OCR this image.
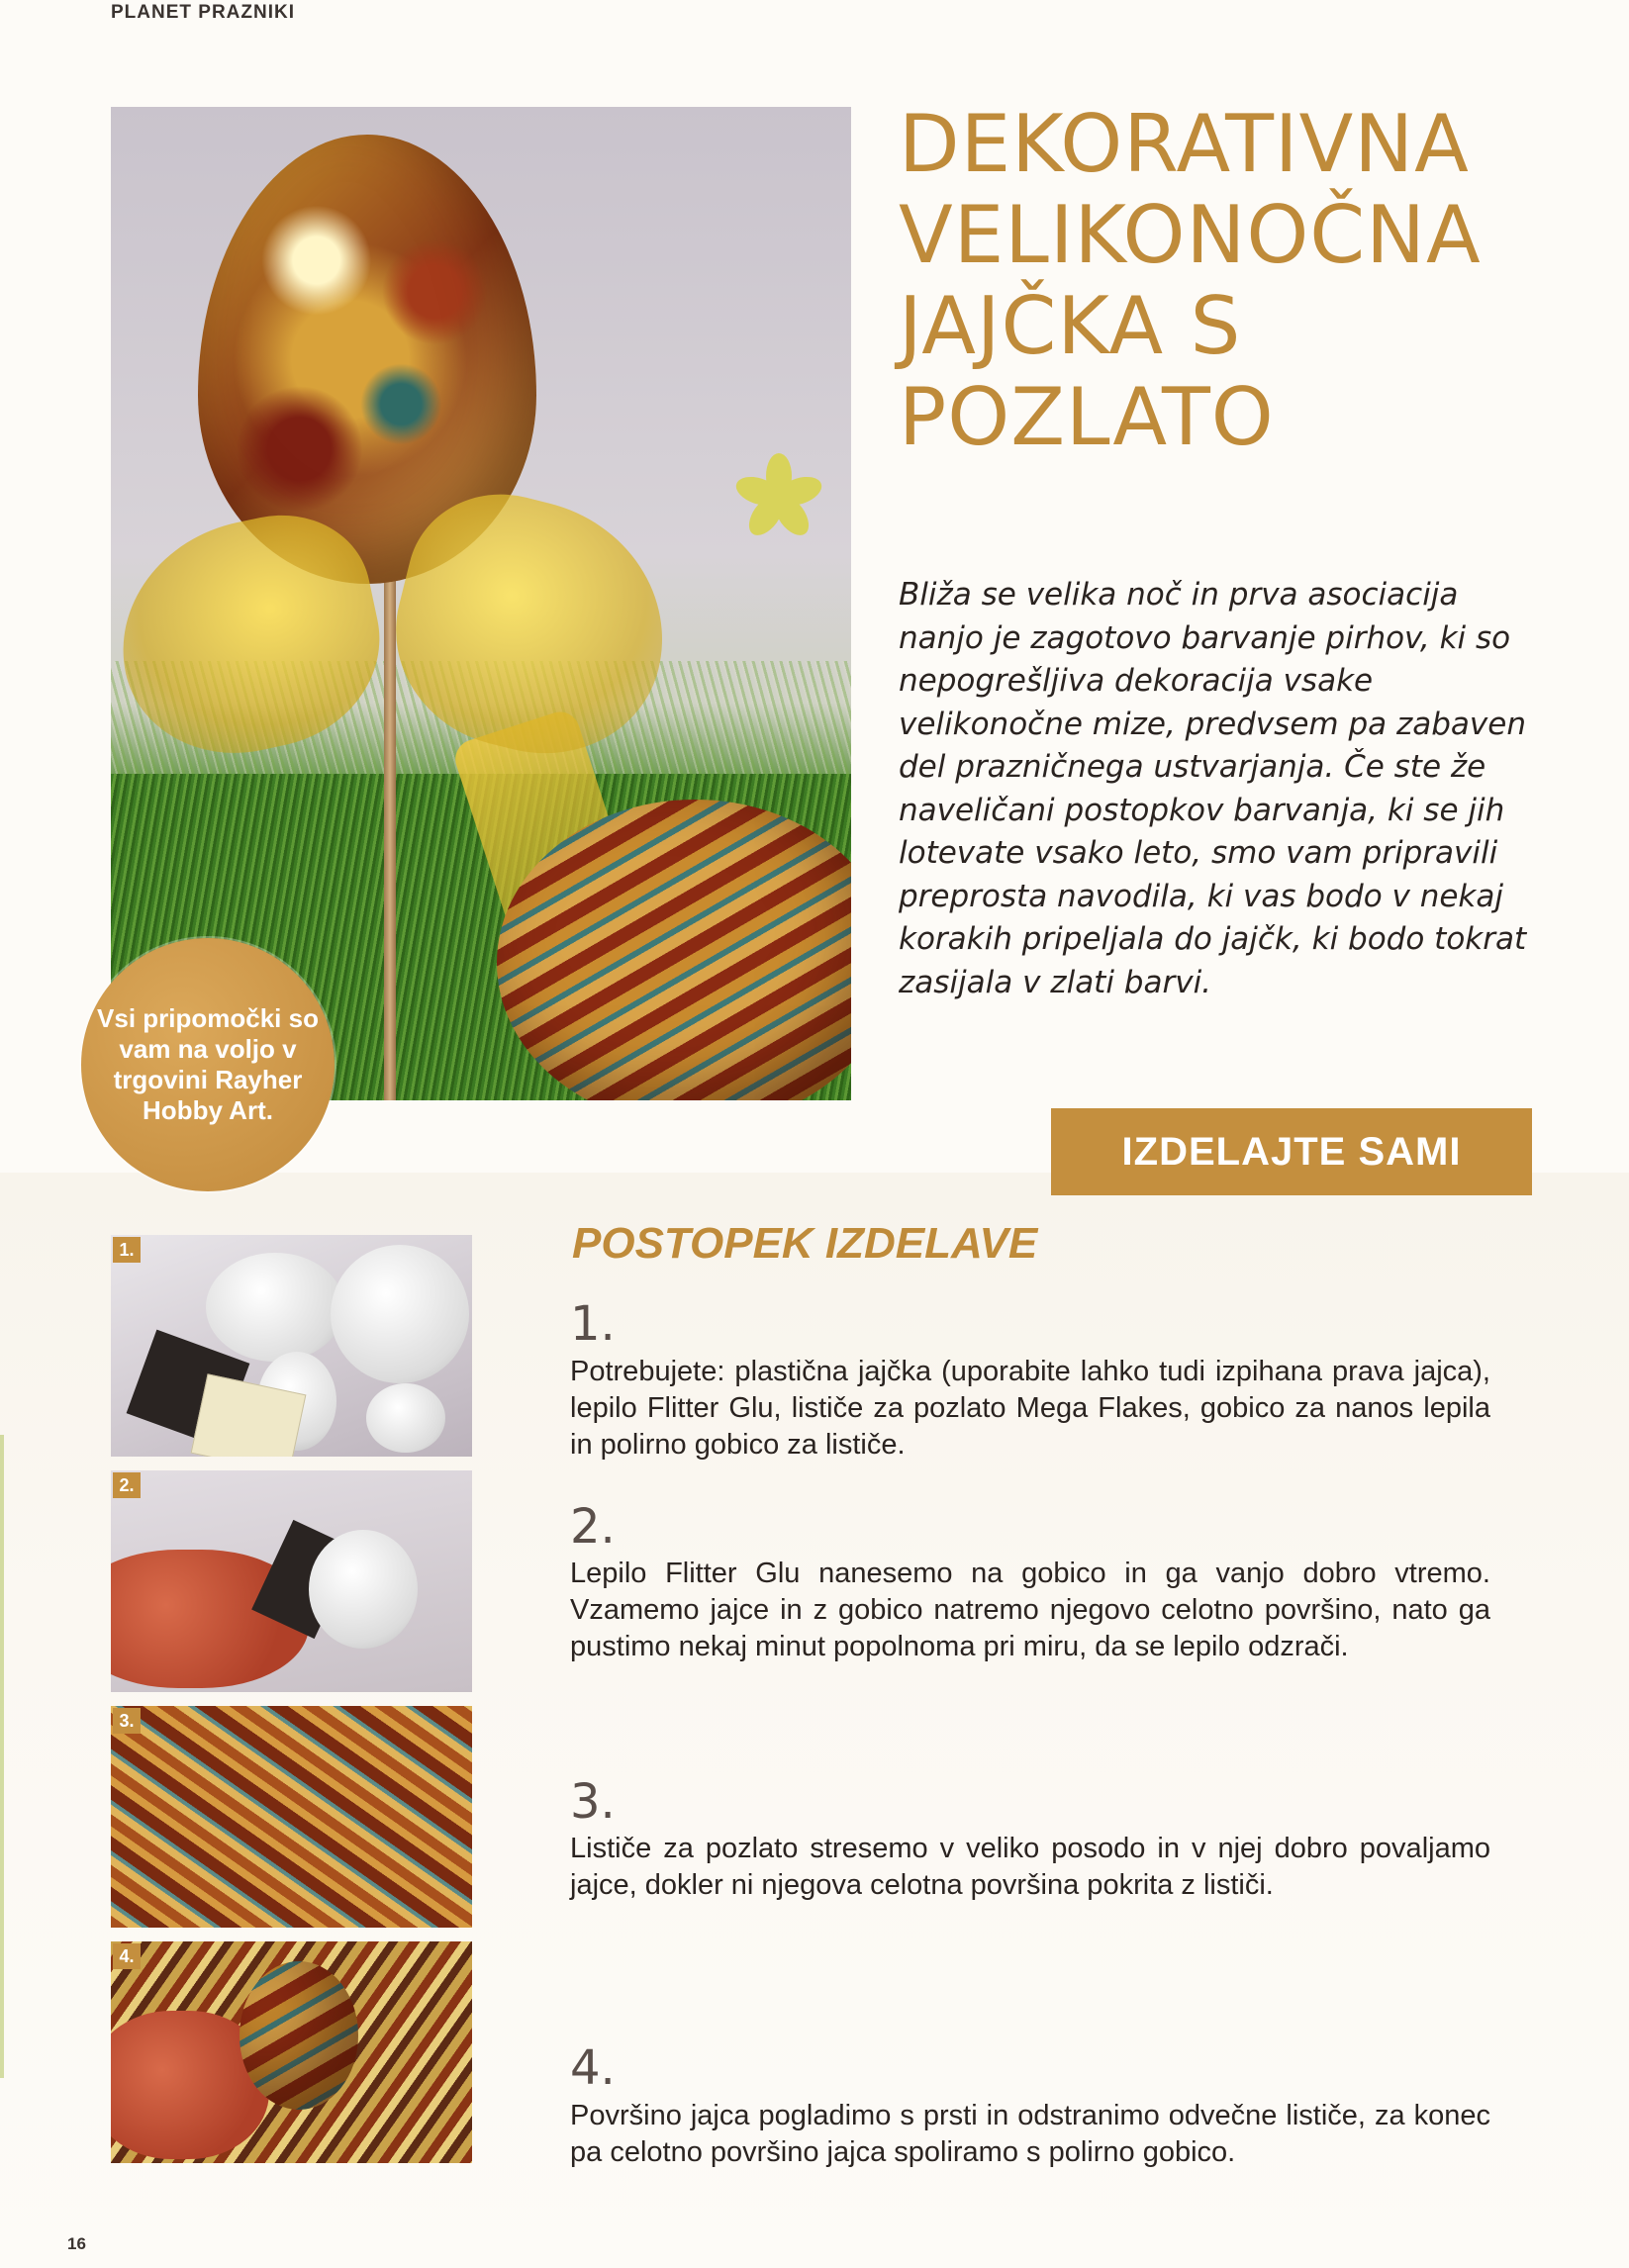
PLANET PRAZNIKI
Vsi pripomočki so vam na voljo v trgovini Rayher Hobby Art.
DEKORATIVNA
VELIKONOČNA
JAJČKA S
POZLATO

Bliža se velika noč in prva asociacija nanjo je zagotovo barvanje pirhov, ki so nepogrešljiva dekoracija vsake velikonočne mize, predvsem pa zabaven del prazničnega ustvarjanja. Če ste že naveličani postopkov barvanja, ki se jih lotevate vsako leto, smo vam pripravili preprosta navodila, ki vas bodo v nekaj korakih pripeljala do jajčk, ki bodo tokrat zasijala v zlati barvi.

IZDELAJTE SAMI
POSTOPEK IZDELAVE
1.
2.
3.
4.
1.

Potrebujete: plastična jajčka (uporabite lahko tudi izpihana prava jajca), lepilo Flitter Glu, lističe za pozlato Mega Flakes, gobico za nanos lepila in polirno gobico za lističe.

2.

Lepilo Flitter Glu nanesemo na gobico in ga vanjo dobro vtremo. Vzamemo jajce in z gobico natremo njegovo celotno površino, nato ga pustimo nekaj minut popolnoma pri miru, da se lepilo odzrači.

3.

Lističe za pozlato stresemo v veliko posodo in v njej dobro povaljamo jajce, dokler ni njegova celotna površina pokrita z lističi.

4.

Površino jajca pogladimo s prsti in odstranimo odvečne lističe, za konec pa celotno površino jajca spoliramo s polirno gobico.

16
